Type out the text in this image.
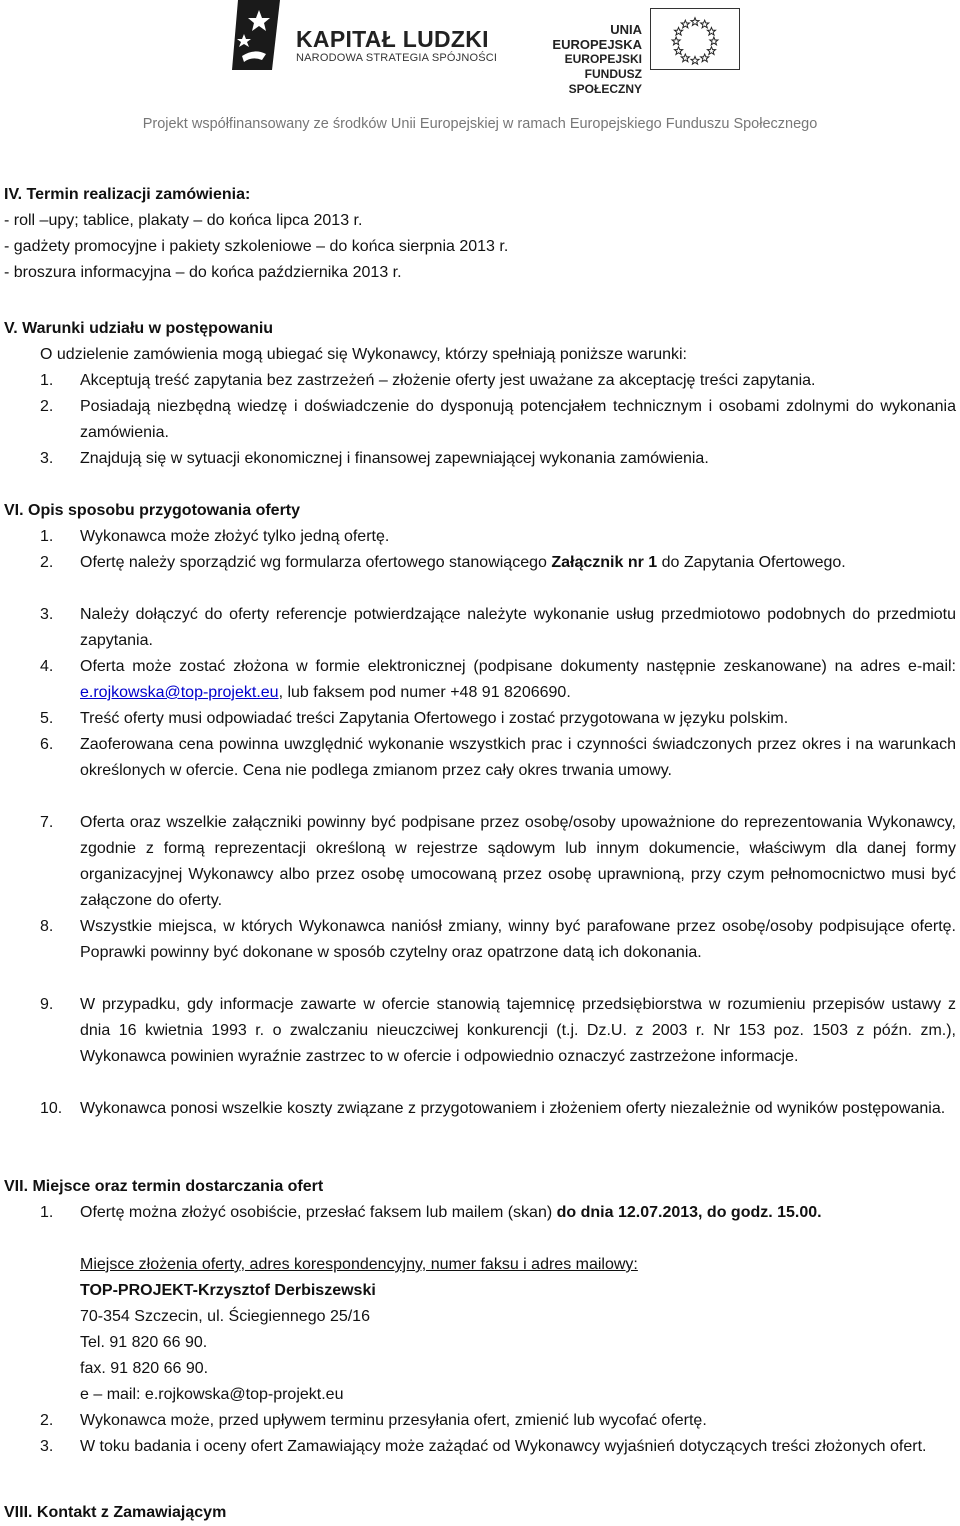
KAPITAŁ LUDZKI
NARODOWA STRATEGIA SPÓJNOŚCI
UNIA EUROPEJSKA
EUROPEJSKI
FUNDUSZ SPOŁECZNY
Projekt współfinansowany ze środków Unii Europejskiej w ramach Europejskiego Funduszu Społecznego
IV. Termin realizacji zamówienia:
- roll –upy; tablice, plakaty – do końca lipca 2013 r.
- gadżety promocyjne i pakiety szkoleniowe – do końca sierpnia 2013 r.
- broszura informacyjna – do końca października 2013 r.
V. Warunki udziału w postępowaniu
O udzielenie zamówienia mogą ubiegać się Wykonawcy, którzy spełniają poniższe warunki:
1. Akceptują treść zapytania bez zastrzeżeń – złożenie oferty jest uważane za akceptację treści zapytania.
2. Posiadają niezbędną wiedzę i doświadczenie do dysponują potencjałem technicznym i osobami zdolnymi do wykonania zamówienia.
3. Znajdują się w sytuacji ekonomicznej i finansowej zapewniającej wykonania zamówienia.
VI. Opis sposobu przygotowania oferty
1. Wykonawca może złożyć tylko jedną ofertę.
2. Ofertę należy sporządzić wg formularza ofertowego stanowiącego Załącznik nr 1 do Zapytania Ofertowego.
3. Należy dołączyć do oferty referencje potwierdzające należyte wykonanie usług przedmiotowo podobnych do przedmiotu zapytania.
4. Oferta może zostać złożona w formie elektronicznej (podpisane dokumenty następnie zeskanowane) na adres e-mail: e.rojkowska@top-projekt.eu, lub faksem pod numer +48 91 8206690.
5. Treść oferty musi odpowiadać treści Zapytania Ofertowego i zostać przygotowana w języku polskim.
6. Zaoferowana cena powinna uwzględnić wykonanie wszystkich prac i czynności świadczonych przez okres i na warunkach określonych w ofercie. Cena nie podlega zmianom przez cały okres trwania umowy.
7. Oferta oraz wszelkie załączniki powinny być podpisane przez osobę/osoby upoważnione do reprezentowania Wykonawcy, zgodnie z formą reprezentacji określoną w rejestrze sądowym lub innym dokumencie, właściwym dla danej formy organizacyjnej Wykonawcy albo przez osobę umocowaną przez osobę uprawnioną, przy czym pełnomocnictwo musi być załączone do oferty.
8. Wszystkie miejsca, w których Wykonawca naniósł zmiany, winny być parafowane przez osobę/osoby podpisujące ofertę. Poprawki powinny być dokonane w sposób czytelny oraz opatrzone datą ich dokonania.
9. W przypadku, gdy informacje zawarte w ofercie stanowią tajemnicę przedsiębiorstwa w rozumieniu przepisów ustawy z dnia 16 kwietnia 1993 r. o zwalczaniu nieuczciwej konkurencji (t.j. Dz.U. z 2003 r. Nr 153 poz. 1503 z późn. zm.), Wykonawca powinien wyraźnie zastrzec to w ofercie i odpowiednio oznaczyć zastrzeżone informacje.
10. Wykonawca ponosi wszelkie koszty związane z przygotowaniem i złożeniem oferty niezależnie od wyników postępowania.
VII. Miejsce oraz termin dostarczania ofert
1. Ofertę można złożyć osobiście, przesłać faksem lub mailem (skan) do dnia 12.07.2013, do godz. 15.00.
Miejsce złożenia oferty, adres korespondencyjny, numer faksu i adres mailowy:
TOP-PROJEKT-Krzysztof Derbiszewski
70-354 Szczecin, ul. Ściegiennego 25/16
Tel. 91 820 66 90.
fax. 91 820 66 90.
e – mail: e.rojkowska@top-projekt.eu
2. Wykonawca może, przed upływem terminu przesyłania ofert, zmienić lub wycofać ofertę.
3. W toku badania i oceny ofert Zamawiający może zażądać od Wykonawcy wyjaśnień dotyczących treści złożonych ofert.
VIII. Kontakt z Zamawiającym
